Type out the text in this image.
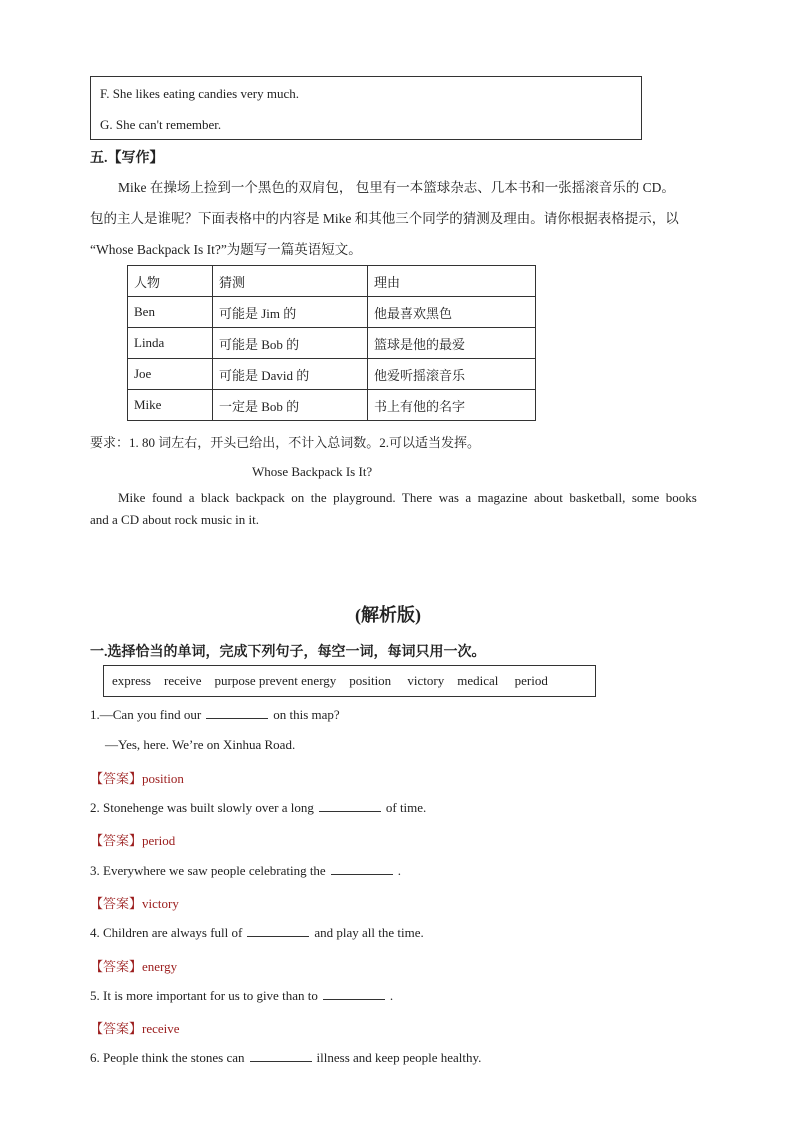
F. She likes eating candies very much.
G. She can't remember.
五.【写作】
Mike 在操场上捡到一个黑色的双肩包， 包里有一本篮球杂志、几本书和一张摇滚音乐的 CD。
包的主人是谁呢？下面表格中的内容是 Mike 和其他三个同学的猜测及理由。请你根据表格提示，以
“Whose Backpack Is It?”为题写一篇英语短文。
人物	猜测	理由
Ben	可能是 Jim 的	他最喜欢黑色
Linda	可能是 Bob 的	篮球是他的最爱
Joe	可能是 David 的	他爱听摇滚音乐
Mike	一定是 Bob 的	书上有他的名字
要求：1. 80 词左右，开头已给出，不计入总词数。2.可以适当发挥。
Whose Backpack Is It?
Mike  found  a  black  backpack  on  the  playground.  There  was  a  magazine  about  basketball,  some  books
and a CD about rock music in it.
(解析版)
一.选择恰当的单词，完成下列句子，每空一词，每词只用一次。
express    receive    purpose prevent energy    position     victory    medical     period
1.—Can you find our	on this map?
—Yes, here. We’re on Xinhua Road.
【答案】position
2. Stonehenge was built slowly over a long	of time.
【答案】period
3. Everywhere we saw people celebrating the	.
【答案】victory
4. Children are always full of	and play all the time.
【答案】energy
5. It is more important for us to give than to	.
【答案】receive
6. People think the stones can	illness and keep people healthy.
